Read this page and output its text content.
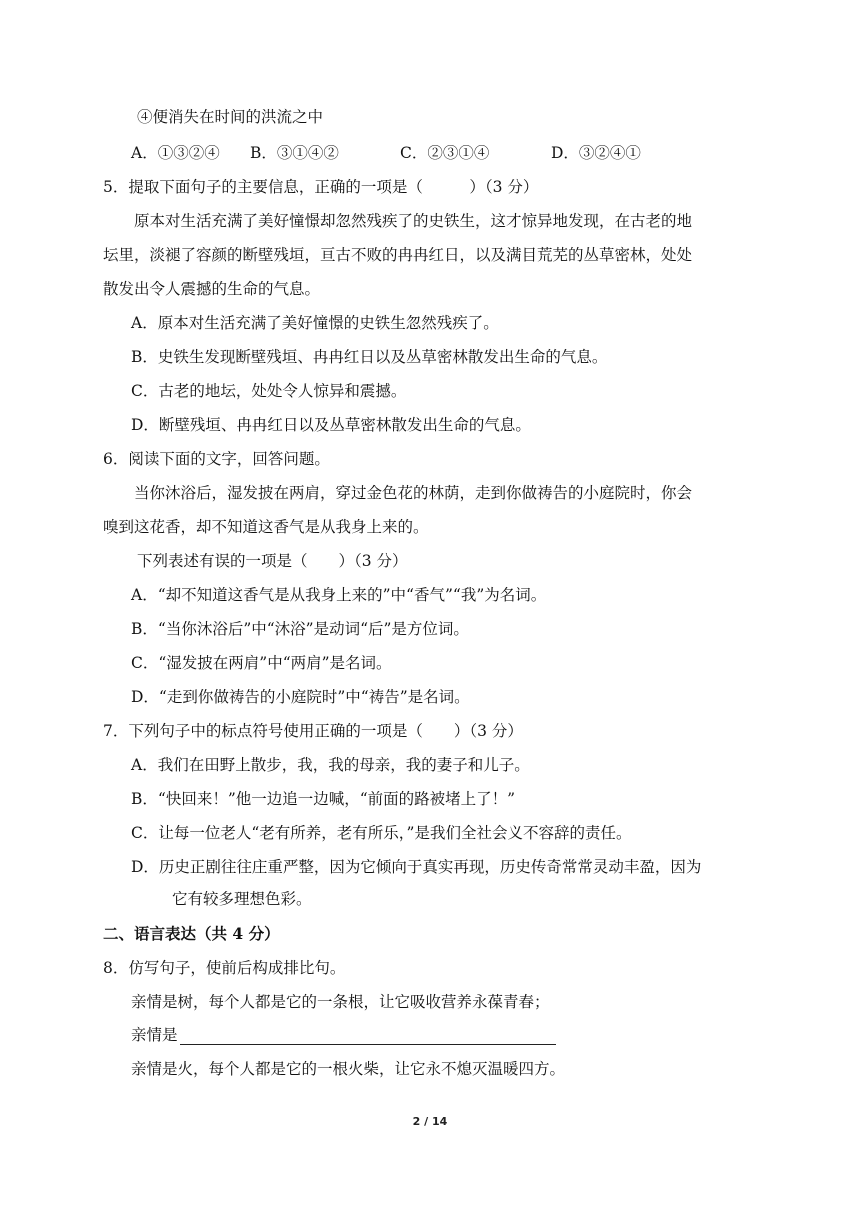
④便消失在时间的洪流之中
A．①③②④ B．③①④②	C．②③①④	D．③②④①
5．提取下面句子的主要信息，正确的一项是（　　　）（3 分）
原本对生活充满了美好憧憬却忽然残疾了的史铁生，这才惊异地发现，在古老的地
坛里，淡褪了容颜的断壁残垣，亘古不败的冉冉红日，以及满目荒芜的丛草密林，处处
散发出令人震撼的生命的气息。
A．原本对生活充满了美好憧憬的史铁生忽然残疾了。
B．史铁生发现断壁残垣、冉冉红日以及丛草密林散发出生命的气息。
C．古老的地坛，处处令人惊异和震撼。
D．断壁残垣、冉冉红日以及丛草密林散发出生命的气息。
6．阅读下面的文字，回答问题。
当你沐浴后，湿发披在两肩，穿过金色花的林荫，走到你做祷告的小庭院时，你会
嗅到这花香，却不知道这香气是从我身上来的。
下列表述有误的一项是（　　）（3 分）
A．“却不知道这香气是从我身上来的”中“香气”“我”为名词。
B．“当你沐浴后”中“沐浴”是动词“后”是方位词。
C．“湿发披在两肩”中“两肩”是名词。
D．“走到你做祷告的小庭院时”中“祷告”是名词。
7．下列句子中的标点符号使用正确的一项是（　　）（3 分）
A．我们在田野上散步，我，我的母亲，我的妻子和儿子。
B．“快回来！”他一边追一边喊，“前面的路被堵上了！”
C．让每一位老人“老有所养，老有所乐，”是我们全社会义不容辞的责任。
D．历史正剧往往庄重严整，因为它倾向于真实再现，历史传奇常常灵动丰盈，因为
它有较多理想色彩。
二、语言表达（共 4 分）
8．仿写句子，使前后构成排比句。
亲情是树，每个人都是它的一条根，让它吸收营养永葆青春；
亲情是
亲情是火，每个人都是它的一根火柴，让它永不熄灭温暖四方。
2 / 14
